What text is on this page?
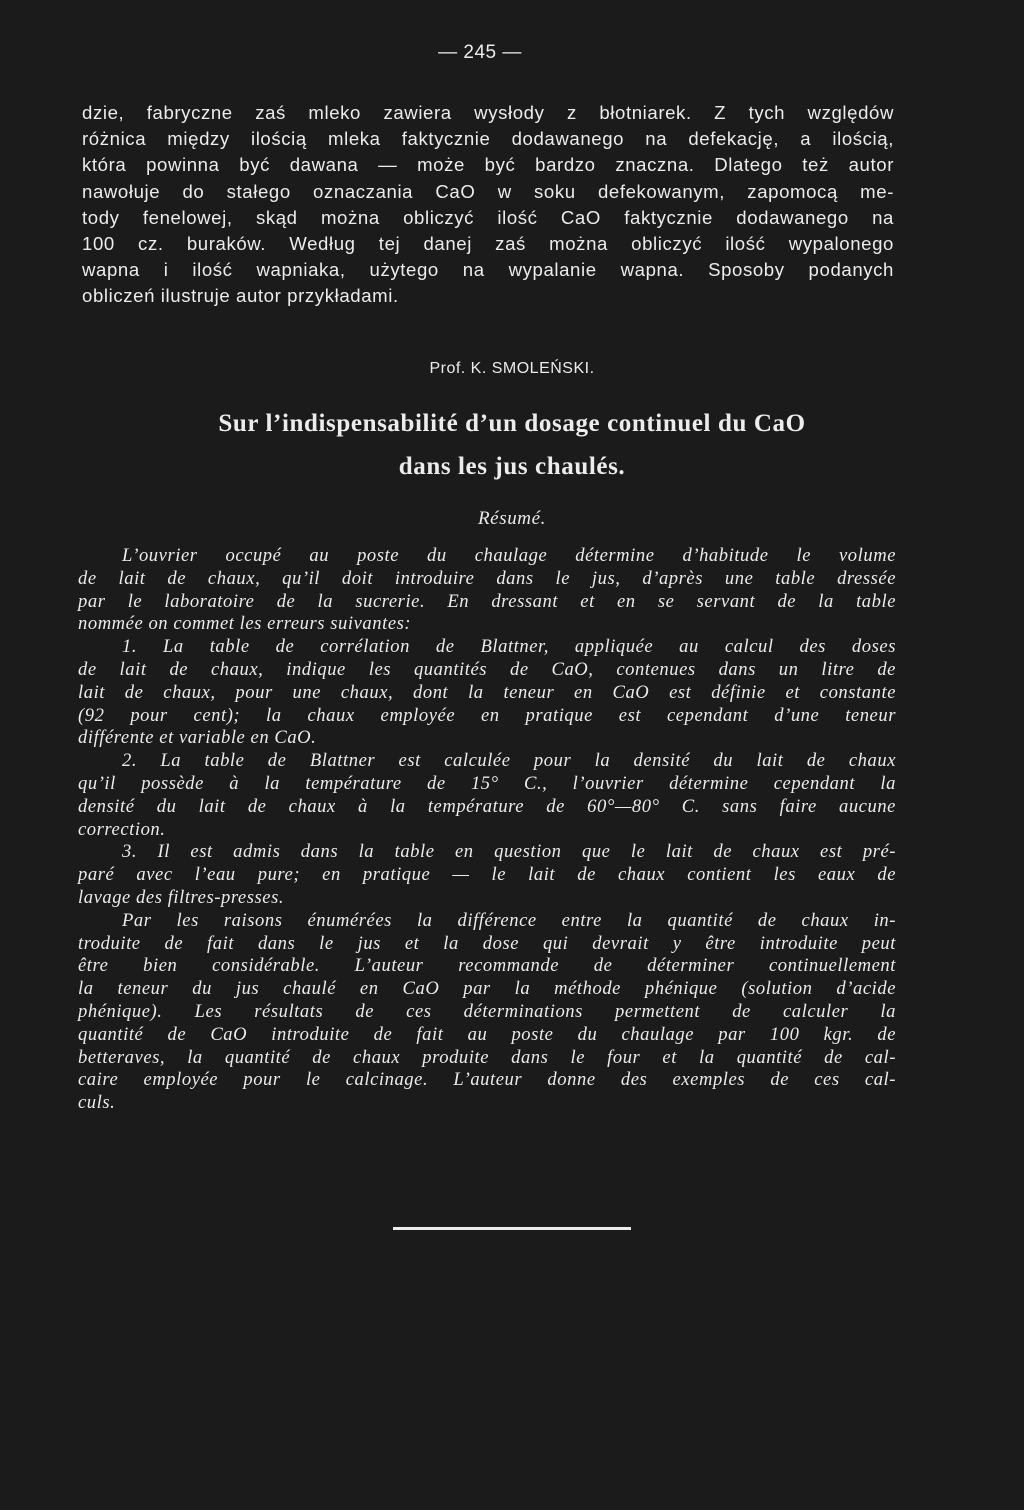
— 245 —
dzie, fabryczne zaś mleko zawiera wysłody z błotniarek. Z tych względów
różnica między ilością mleka faktycznie dodawanego na defekację, a ilością,
która powinna być dawana — może być bardzo znaczna. Dlatego też autor
nawołuje do stałego oznaczania CaO w soku defekowanym, zapomocą me-
tody fenelowej, skąd można obliczyć ilość CaO faktycznie dodawanego na
100 cz. buraków. Według tej danej zaś można obliczyć ilość wypalonego
wapna i ilość wapniaka, użytego na wypalanie wapna. Sposoby podanych
obliczeń ilustruje autor przykładami.
Prof. K. SMOLEŃSKI.
Sur l’indispensabilité d’un dosage continuel du CaO
dans les jus chaulés.
Résumé.
L’ouvrier occupé au poste du chaulage détermine d’habitude le volume
de lait de chaux, qu’il doit introduire dans le jus, d’après une table dressée
par le laboratoire de la sucrerie. En dressant et en se servant de la table
nommée on commet les erreurs suivantes:
1. La table de corrélation de Blattner, appliquée au calcul des doses
de lait de chaux, indique les quantités de CaO, contenues dans un litre de
lait de chaux, pour une chaux, dont la teneur en CaO est définie et constante
(92 pour cent); la chaux employée en pratique est cependant d’une teneur
différente et variable en CaO.
2. La table de Blattner est calculée pour la densité du lait de chaux
qu’il possède à la température de 15° C., l’ouvrier détermine cependant la
densité du lait de chaux à la température de 60°—80° C. sans faire aucune
correction.
3. Il est admis dans la table en question que le lait de chaux est pré-
paré avec l’eau pure; en pratique — le lait de chaux contient les eaux de
lavage des filtres-presses.
Par les raisons énumérées la différence entre la quantité de chaux in-
troduite de fait dans le jus et la dose qui devrait y être introduite peut
être bien considérable. L’auteur recommande de déterminer continuellement
la teneur du jus chaulé en CaO par la méthode phénique (solution d’acide
phénique). Les résultats de ces déterminations permettent de calculer la
quantité de CaO introduite de fait au poste du chaulage par 100 kgr. de
betteraves, la quantité de chaux produite dans le four et la quantité de cal-
caire employée pour le calcinage. L’auteur donne des exemples de ces cal-
culs.
